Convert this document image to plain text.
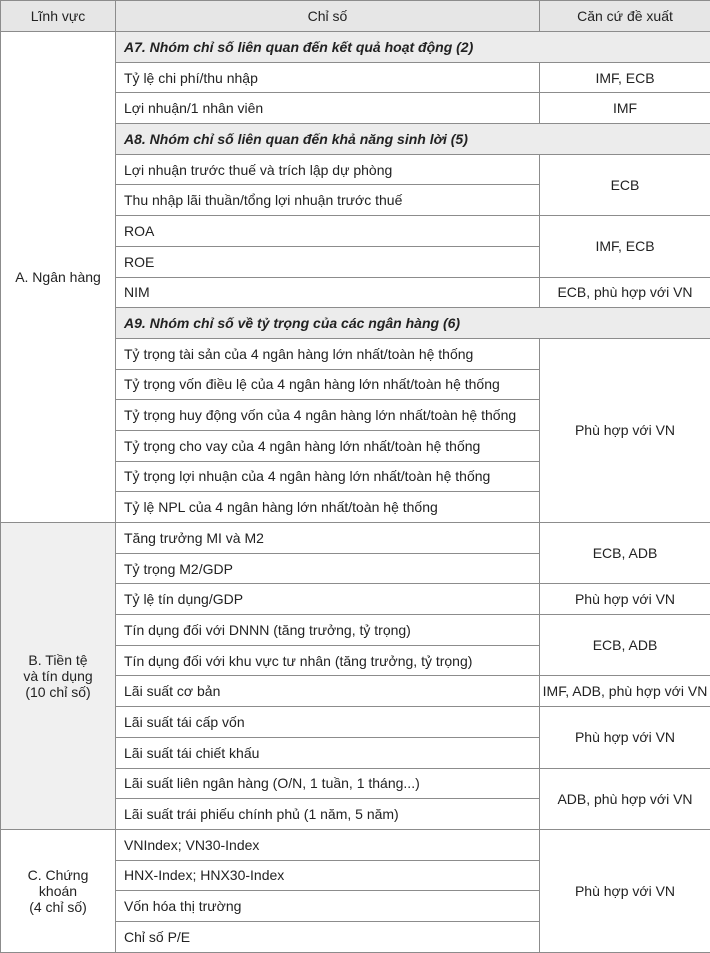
Lĩnh vực	Chỉ số	Căn cứ đề xuất
A. Ngân hàng	A7. Nhóm chỉ số liên quan đến kết quả hoạt động (2)	
	Tỷ lệ chi phí/thu nhập	IMF, ECB
	Lợi nhuận/1 nhân viên	IMF
	A8. Nhóm chỉ số liên quan đến khả năng sinh lời (5)	
	Lợi nhuận trước thuế và trích lập dự phòng	ECB
	Thu nhập lãi thuần/tổng lợi nhuận trước thuế	
	ROA	IMF, ECB
	ROE	
	NIM	ECB, phù hợp với VN
	A9. Nhóm chỉ số về tỷ trọng của các ngân hàng (6)	
	Tỷ trọng tài sản của 4 ngân hàng lớn nhất/toàn hệ thống	Phù hợp với VN
	Tỷ trọng vốn điều lệ của 4 ngân hàng lớn nhất/toàn hệ thống	
	Tỷ trọng huy động vốn của 4 ngân hàng lớn nhất/toàn hệ thống	
	Tỷ trọng cho vay của 4 ngân hàng lớn nhất/toàn hệ thống	
	Tỷ trọng lợi nhuận của 4 ngân hàng lớn nhất/toàn hệ thống	
	Tỷ lệ NPL của 4 ngân hàng lớn nhất/toàn hệ thống	

B. Tiền tệ
và tín dụng
(10 chỉ số)	Tăng trưởng MI và M2	ECB, ADB
	Tỷ trọng M2/GDP	
	Tỷ lệ tín dụng/GDP	Phù hợp với VN
	Tín dụng đối với DNNN (tăng trưởng, tỷ trọng)	ECB, ADB
	Tín dụng đối với khu vực tư nhân (tăng trưởng, tỷ trọng)	
	Lãi suất cơ bản	IMF, ADB, phù hợp với VN
	Lãi suất tái cấp vốn	Phù hợp với VN
	Lãi suất tái chiết khấu	
	Lãi suất liên ngân hàng (O/N, 1 tuần, 1 tháng...)	ADB, phù hợp với VN
	Lãi suất trái phiếu chính phủ (1 năm, 5 năm)	

C. Chứng khoán
(4 chỉ số)	VNIndex; VN30-Index	Phù hợp với VN
	HNX-Index; HNX30-Index	
	Vốn hóa thị trường	
	Chỉ số P/E	
